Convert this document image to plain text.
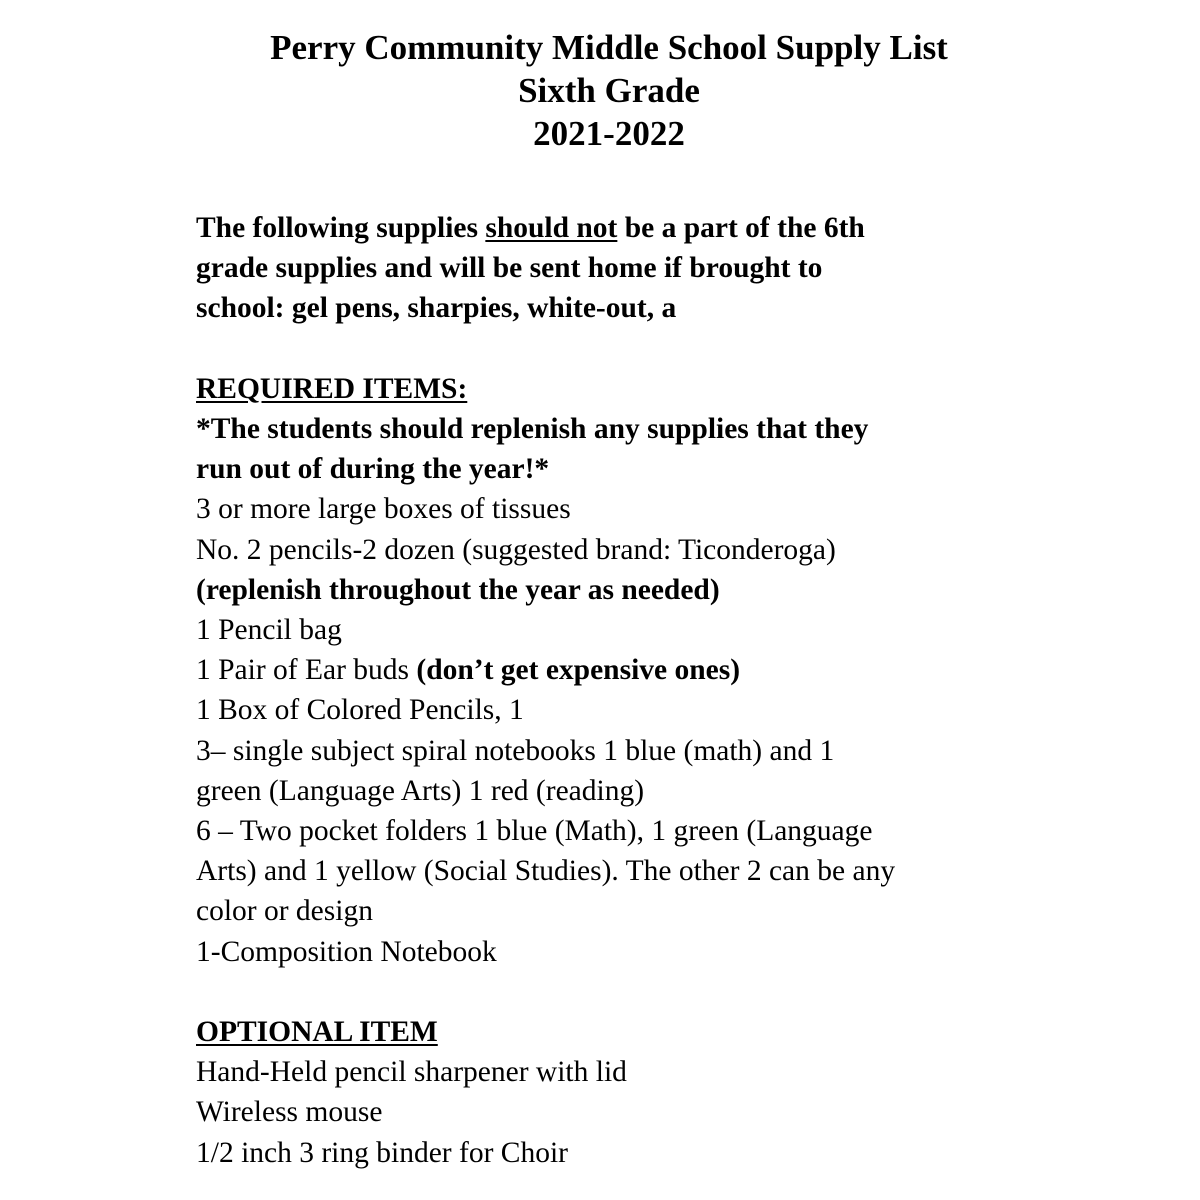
Perry Community Middle School Supply List
Sixth Grade
2021-2022
The following supplies should not be a part of the 6th
grade supplies and will be sent home if brought to
school: gel pens, sharpies, white-out, a
REQUIRED ITEMS:
*The students should replenish any supplies that they
run out of during the year!*
3 or more large boxes of tissues
No. 2 pencils-2 dozen (suggested brand: Ticonderoga)
(replenish throughout the year as needed)
1 Pencil bag
1 Pair of Ear buds (don’t get expensive ones)
1 Box of Colored Pencils, 1
3– single subject spiral notebooks 1 blue (math) and 1
green (Language Arts) 1 red (reading)
6 – Two pocket folders 1 blue (Math), 1 green (Language
Arts) and 1 yellow (Social Studies). The other 2 can be any
color or design
1-Composition Notebook
OPTIONAL ITEM
Hand-Held pencil sharpener with lid
Wireless mouse
1/2 inch 3 ring binder for Choir
